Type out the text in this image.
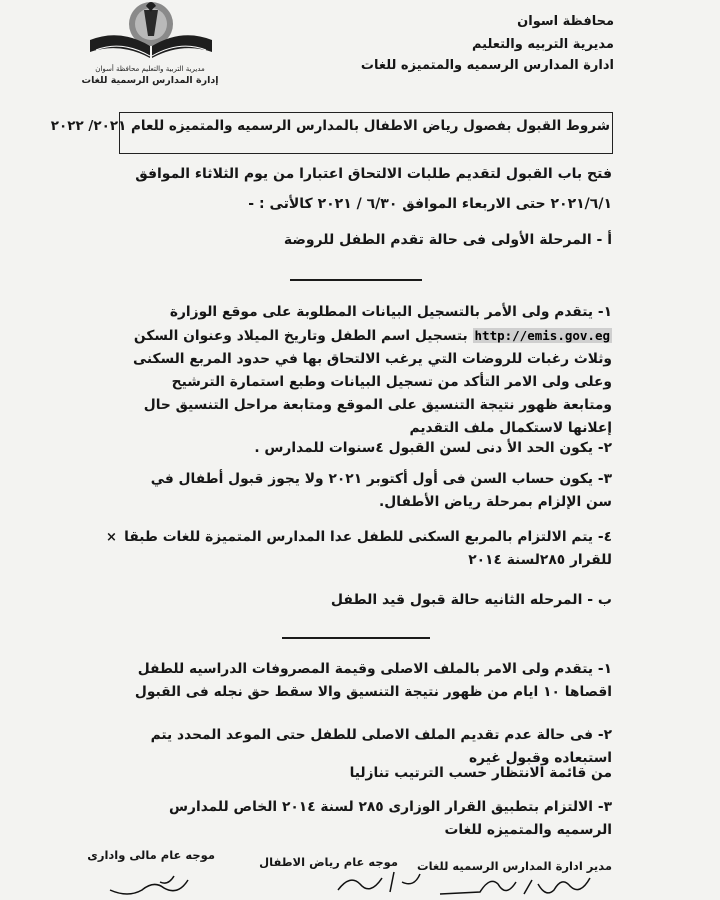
مديرية التربية والتعليم محافظة أسوان
إدارة المدارس الرسمية للغات
محافظة اسوان
مديرية التربيه والتعليم
ادارة المدارس الرسميه والمتميزه للغات
شروط القبول بفصول رياض الاطفال بالمدارس الرسميه والمتميزه للعام ٢٠٢١/ ٢٠٢٢
فتح باب القبول لتقديم طلبات الالتحاق اعتبارا من يوم الثلاثاء الموافق
٢٠٢١/٦/١ حتى الاربعاء الموافق ٦/٣٠ / ٢٠٢١ كالأتى : -
أ - المرحلة الأولى فى حالة تقدم الطفل للروضة
١- يتقدم ولى الأمر بالتسجيل البيانات المطلوبة على موقع الوزارة http://emis.gov.eg بتسجيل اسم الطفل وتاريخ الميلاد وعنوان السكن وثلاث رغبات للروضات التي يرغب الالتحاق بها في حدود المربع السكنى وعلى ولى الامر التأكد من تسجيل البيانات وطبع استمارة الترشيح ومتابعة ظهور نتيجة التنسيق على الموقع ومتابعة مراحل التنسيق حال إعلانها لاستكمال ملف التقديم
٢- يكون الحد الأ دنى لسن القبول ٤سنوات للمدارس .
٣- يكون حساب السن فى أول أكتوبر ٢٠٢١ ولا يجوز قبول أطفال في سن الإلزام بمرحلة رياض الأطفال.
× ٤- يتم الالتزام بالمربع السكنى للطفل عدا المدارس المتميزة للغات طبقا للقرار ٢٨٥لسنة ٢٠١٤
ب - المرحله الثانيه حالة قبول قيد الطفل
١- يتقدم ولى الامر بالملف الاصلى وقيمة المصروفات الدراسيه للطفل اقصاها ١٠ ايام من ظهور نتيجة التنسيق والا سقط حق نجله فى القبول
٢- فى حالة عدم تقديم الملف الاصلى للطفل حتى الموعد المحدد يتم استبعاده وقبول غيره
من قائمة الانتظار حسب الترتيب تنازليا
٣- الالتزام بتطبيق القرار الوزارى ٢٨٥ لسنة ٢٠١٤ الخاص للمدارس الرسميه والمتميزه للغات
مدير ادارة المدارس الرسميه للغات
موجه عام رياض الاطفال
موجه عام مالى وادارى
